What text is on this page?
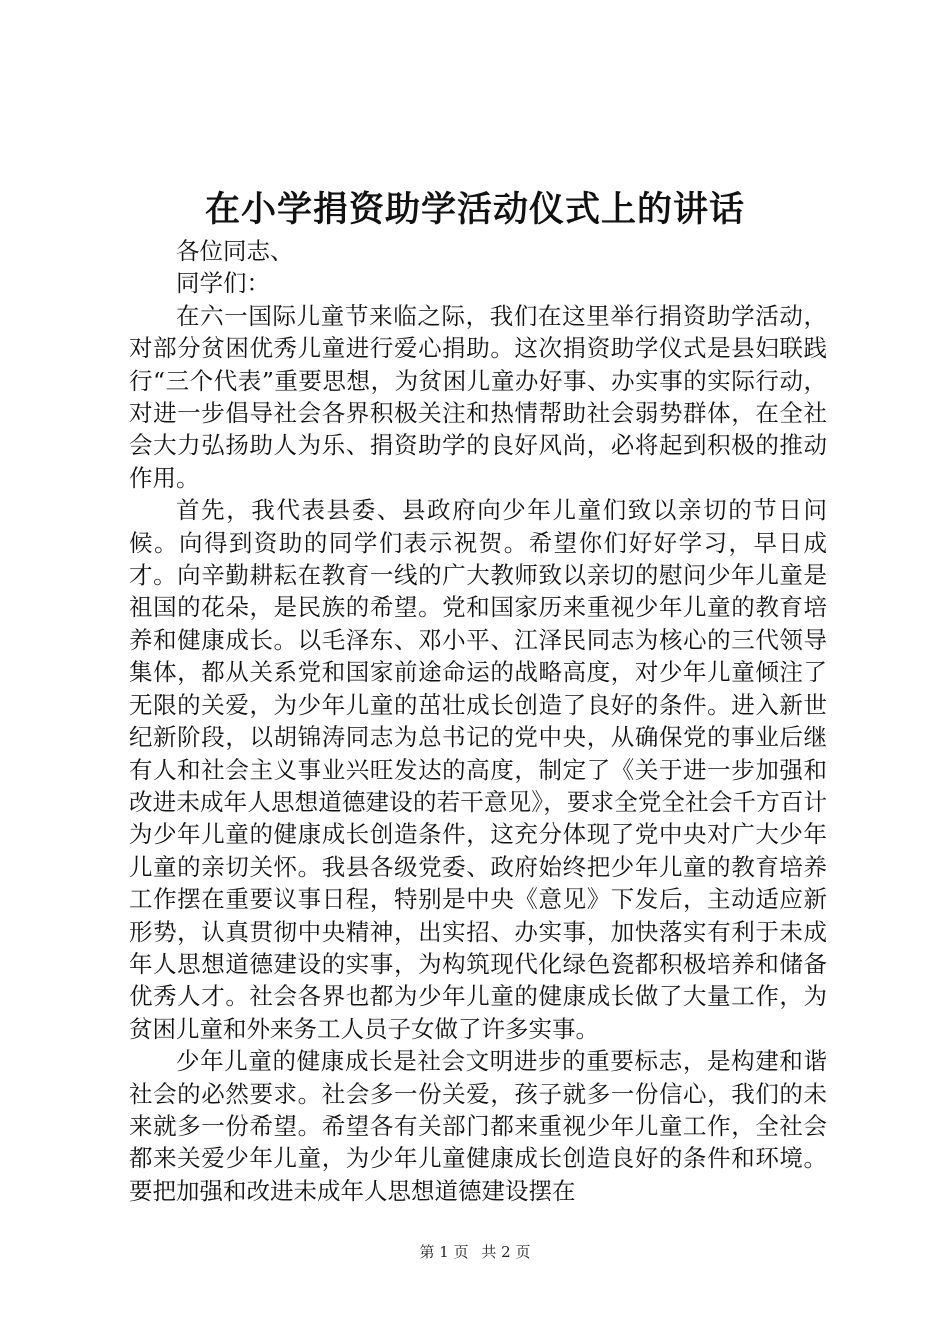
在小学捐资助学活动仪式上的讲话

各位同志、

同学们：

在六一国际儿童节来临之际，我们在这里举行捐资助学活动，对部分贫困优秀儿童进行爱心捐助。这次捐资助学仪式是县妇联践行“三个代表”重要思想，为贫困儿童办好事、办实事的实际行动，对进一步倡导社会各界积极关注和热情帮助社会弱势群体，在全社会大力弘扬助人为乐、捐资助学的良好风尚，必将起到积极的推动作用。

首先，我代表县委、县政府向少年儿童们致以亲切的节日问候。向得到资助的同学们表示祝贺。希望你们好好学习，早日成才。向辛勤耕耘在教育一线的广大教师致以亲切的慰问少年儿童是祖国的花朵，是民族的希望。党和国家历来重视少年儿童的教育培养和健康成长。以毛泽东、邓小平、江泽民同志为核心的三代领导集体，都从关系党和国家前途命运的战略高度，对少年儿童倾注了无限的关爱，为少年儿童的茁壮成长创造了良好的条件。进入新世纪新阶段，以胡锦涛同志为总书记的党中央，从确保党的事业后继有人和社会主义事业兴旺发达的高度，制定了《关于进一步加强和改进未成年人思想道德建设的若干意见》，要求全党全社会千方百计为少年儿童的健康成长创造条件，这充分体现了党中央对广大少年儿童的亲切关怀。我县各级党委、政府始终把少年儿童的教育培养工作摆在重要议事日程，特别是中央《意见》下发后，主动适应新形势，认真贯彻中央精神，出实招、办实事，加快落实有利于未成年人思想道德建设的实事，为构筑现代化绿色瓷都积极培养和储备优秀人才。社会各界也都为少年儿童的健康成长做了大量工作，为贫困儿童和外来务工人员子女做了许多实事。

少年儿童的健康成长是社会文明进步的重要标志，是构建和谐社会的必然要求。社会多一份关爱，孩子就多一份信心，我们的未来就多一份希望。希望各有关部门都来重视少年儿童工作，全社会都来关爱少年儿童，为少年儿童健康成长创造良好的条件和环境。要把加强和改进未成年人思想道德建设摆在

第 1 页 共 2 页
